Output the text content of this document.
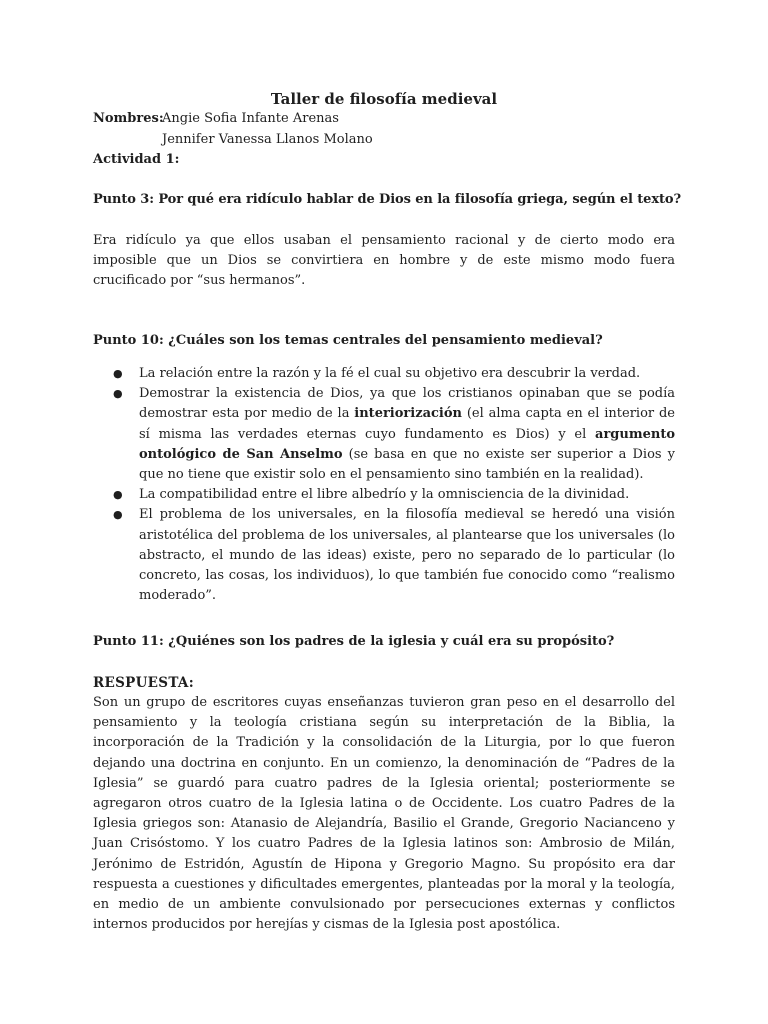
Taller de filosofía medieval
Nombres:
Angie Sofia Infante Arenas
Jennifer Vanessa Llanos Molano
Actividad 1:
Punto 3: Por qué era ridículo hablar de Dios en la filosofía griega, según el texto?
Era ridículo ya que ellos usaban el pensamiento racional y de cierto modo era imposible que un Dios se convirtiera en hombre y de este mismo modo fuera crucificado por “sus hermanos”.
Punto 10: ¿Cuáles son los temas centrales del pensamiento medieval?
● La relación entre la razón y la fé el cual su objetivo era descubrir la verdad.
● Demostrar la existencia de Dios, ya que los cristianos opinaban que se podía demostrar esta por medio de la interiorización (el alma capta en el interior de sí misma las verdades eternas cuyo fundamento es Dios) y el argumento ontológico de San Anselmo (se basa en que no existe ser superior a Dios y que no tiene que existir solo en el pensamiento sino también en la realidad).
● La compatibilidad entre el libre albedrío y la omnisciencia de la divinidad.
● El problema de los universales, en la filosofía medieval se heredó una visión aristotélica del problema de los universales, al plantearse que los universales (lo abstracto, el mundo de las ideas) existe, pero no separado de lo particular (lo concreto, las cosas, los individuos), lo que también fue conocido como “realismo moderado”.
Punto 11: ¿Quiénes son los padres de la iglesia y cuál era su propósito?
RESPUESTA:
Son un grupo de escritores cuyas enseñanzas tuvieron gran peso en el desarrollo del pensamiento y la teología cristiana según su interpretación de la Biblia, la incorporación de la Tradición y la consolidación de la Liturgia, por lo que fueron dejando una doctrina en conjunto. En un comienzo, la denominación de “Padres de la Iglesia” se guardó para cuatro padres de la Iglesia oriental; posteriormente se agregaron otros cuatro de la Iglesia latina o de Occidente. Los cuatro Padres de la Iglesia griegos son: Atanasio de Alejandría, Basilio el Grande, Gregorio Nacianceno y Juan Crisóstomo. Y los cuatro Padres de la Iglesia latinos son: Ambrosio de Milán, Jerónimo de Estridón, Agustín de Hipona y Gregorio Magno. Su propósito era dar respuesta a cuestiones y dificultades emergentes, planteadas por la moral y la teología, en medio de un ambiente convulsionado por persecuciones externas y conflictos internos producidos por herejías y cismas de la Iglesia post apostólica.
